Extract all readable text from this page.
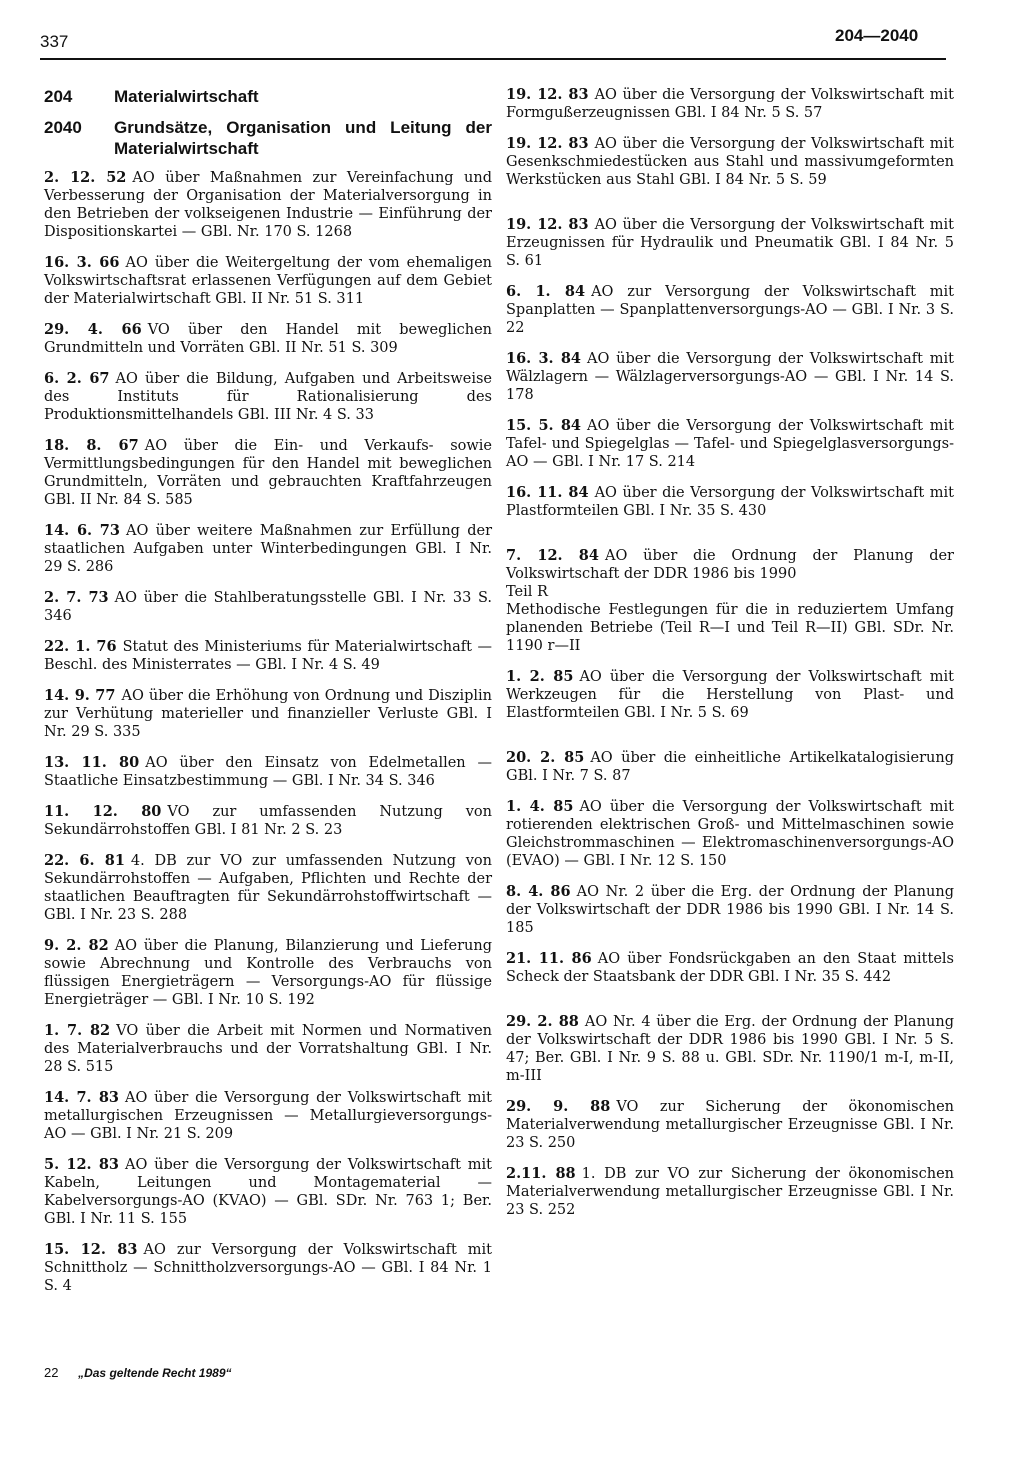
337	204—2040
204	Materialwirtschaft
2040	Grundsätze, Organisation und Leitung der Materialwirtschaft
2. 12. 52 AO über Maßnahmen zur Vereinfachung und Verbesserung der Organisation der Materialversorgung in den Betrieben der volkseigenen Industrie — Einführung der Dispositionskartei — GBl. Nr. 170 S. 1268
16. 3. 66 AO über die Weitergeltung der vom ehemaligen Volkswirtschaftsrat erlassenen Verfügungen auf dem Gebiet der Materialwirtschaft GBl. II Nr. 51 S. 311
29. 4. 66 VO über den Handel mit beweglichen Grundmitteln und Vorräten GBl. II Nr. 51 S. 309
6. 2. 67 AO über die Bildung, Aufgaben und Arbeitsweise des Instituts für Rationalisierung des Produktionsmittelhandels GBl. III Nr. 4 S. 33
18. 8. 67 AO über die Ein- und Verkaufs- sowie Vermittlungsbedingungen für den Handel mit beweglichen Grundmitteln, Vorräten und gebrauchten Kraftfahrzeugen GBl. II Nr. 84 S. 585
14. 6. 73 AO über weitere Maßnahmen zur Erfüllung der staatlichen Aufgaben unter Winterbedingungen GBl. I Nr. 29 S. 286
2. 7. 73 AO über die Stahlberatungsstelle GBl. I Nr. 33 S. 346
22. 1. 76 Statut des Ministeriums für Materialwirtschaft — Beschl. des Ministerrates — GBl. I Nr. 4 S. 49
14. 9. 77 AO über die Erhöhung von Ordnung und Disziplin zur Verhütung materieller und finanzieller Verluste GBl. I Nr. 29 S. 335
13. 11. 80 AO über den Einsatz von Edelmetallen — Staatliche Einsatzbestimmung — GBl. I Nr. 34 S. 346
11. 12. 80 VO zur umfassenden Nutzung von Sekundärrohstoffen GBl. I 81 Nr. 2 S. 23
22. 6. 81 4. DB zur VO zur umfassenden Nutzung von Sekundärrohstoffen — Aufgaben, Pflichten und Rechte der staatlichen Beauftragten für Sekundärrohstoffwirtschaft — GBl. I Nr. 23 S. 288
9. 2. 82 AO über die Planung, Bilanzierung und Lieferung sowie Abrechnung und Kontrolle des Verbrauchs von flüssigen Energieträgern — Versorgungs-AO für flüssige Energieträger — GBl. I Nr. 10 S. 192
1. 7. 82 VO über die Arbeit mit Normen und Normativen des Materialverbrauchs und der Vorratshaltung GBl. I Nr. 28 S. 515
14. 7. 83 AO über die Versorgung der Volkswirtschaft mit metallurgischen Erzeugnissen — Metallurgieversorgungs-AO — GBl. I Nr. 21 S. 209
5. 12. 83 AO über die Versorgung der Volkswirtschaft mit Kabeln, Leitungen und Montagematerial — Kabelversorgungs-AO (KVAO) — GBl. SDr. Nr. 763 1; Ber. GBl. I Nr. 11 S. 155
15. 12. 83 AO zur Versorgung der Volkswirtschaft mit Schnittholz — Schnittholzversorgungs-AO — GBl. I 84 Nr. 1 S. 4
19. 12. 83 AO über die Versorgung der Volkswirtschaft mit Formgußerzeugnissen GBl. I 84 Nr. 5 S. 57
19. 12. 83 AO über die Versorgung der Volkswirtschaft mit Gesenkschmiedestücken aus Stahl und massivumgeformten Werkstücken aus Stahl GBl. I 84 Nr. 5 S. 59
19. 12. 83 AO über die Versorgung der Volkswirtschaft mit Erzeugnissen für Hydraulik und Pneumatik GBl. I 84 Nr. 5 S. 61
6. 1. 84 AO zur Versorgung der Volkswirtschaft mit Spanplatten — Spanplattenversorgungs-AO — GBl. I Nr. 3 S. 22
16. 3. 84 AO über die Versorgung der Volkswirtschaft mit Wälzlagern — Wälzlagerversorgungs-AO — GBl. I Nr. 14 S. 178
15. 5. 84 AO über die Versorgung der Volkswirtschaft mit Tafel- und Spiegelglas — Tafel- und Spiegelglasversorgungs-AO — GBl. I Nr. 17 S. 214
16. 11. 84 AO über die Versorgung der Volkswirtschaft mit Plastformteilen GBl. I Nr. 35 S. 430
7. 12. 84 AO über die Ordnung der Planung der Volkswirtschaft der DDR 1986 bis 1990
Teil R
Methodische Festlegungen für die in reduziertem Umfang planenden Betriebe (Teil R—I und Teil R—II) GBl. SDr. Nr. 1190 r—II
1. 2. 85 AO über die Versorgung der Volkswirtschaft mit Werkzeugen für die Herstellung von Plast- und Elastformteilen GBl. I Nr. 5 S. 69
20. 2. 85 AO über die einheitliche Artikelkatalogisierung GBl. I Nr. 7 S. 87
1. 4. 85 AO über die Versorgung der Volkswirtschaft mit rotierenden elektrischen Groß- und Mittelmaschinen sowie Gleichstrommaschinen — Elektromaschinenversorgungs-AO (EVAO) — GBl. I Nr. 12 S. 150
8. 4. 86 AO Nr. 2 über die Erg. der Ordnung der Planung der Volkswirtschaft der DDR 1986 bis 1990 GBl. I Nr. 14 S. 185
21. 11. 86 AO über Fondsrückgaben an den Staat mittels Scheck der Staatsbank der DDR GBl. I Nr. 35 S. 442
29. 2. 88 AO Nr. 4 über die Erg. der Ordnung der Planung der Volkswirtschaft der DDR 1986 bis 1990 GBl. I Nr. 5 S. 47; Ber. GBl. I Nr. 9 S. 88 u. GBl. SDr. Nr. 1190/1 m-I, m-II, m-III
29. 9. 88 VO zur Sicherung der ökonomischen Materialverwendung metallurgischer Erzeugnisse GBl. I Nr. 23 S. 250
2.11. 88 1. DB zur VO zur Sicherung der ökonomischen Materialverwendung metallurgischer Erzeugnisse GBl. I Nr. 23 S. 252
22 „Das geltende Recht 1989“
